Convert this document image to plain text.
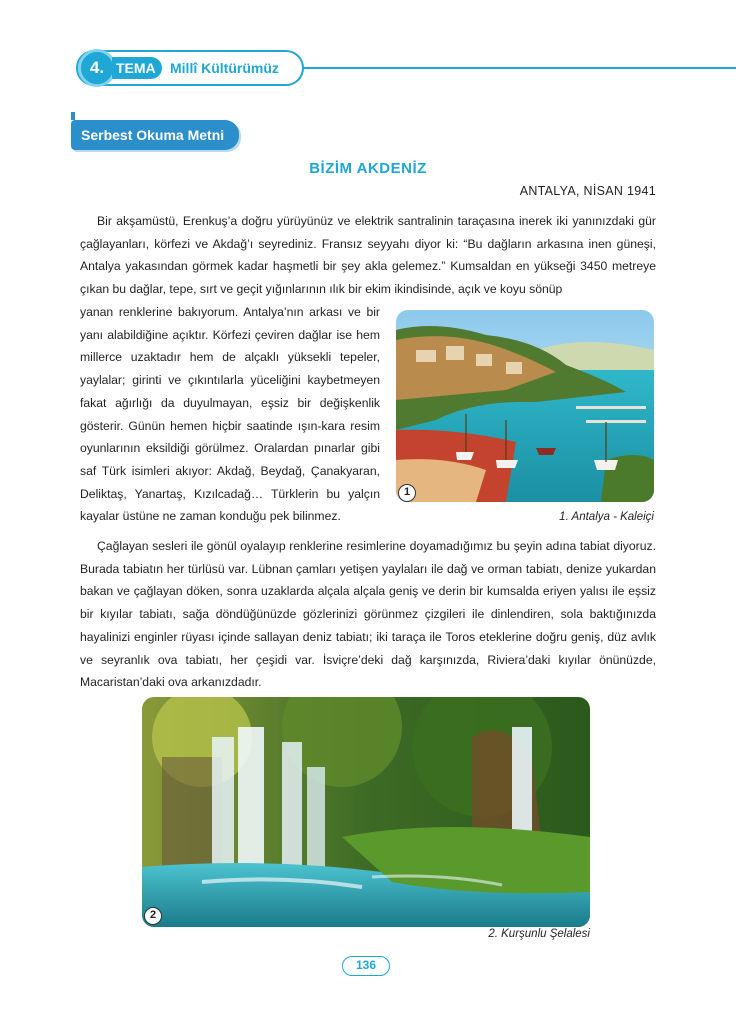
4. TEMA	Millî Kültürümüz
Serbest Okuma Metni
BİZİM AKDENİZ
ANTALYA, NİSAN 1941

Bir akşamüstü, Erenkuş’a doğru yürüyünüz ve elektrik santralinin taraçasına inerek iki yanınızdaki gür çağlayanları, körfezi ve Akdağ’ı seyrediniz. Fransız seyyahı diyor ki: “Bu dağların arkasına inen güneşi, Antalya yakasından görmek kadar haşmetli bir şey akla gelemez.” Kumsaldan en yükseği 3450 metreye çıkan bu dağlar, tepe, sırt ve geçit yığınlarının ılık bir ekim ikindisinde, açık ve koyu sönüp

yanan renklerine bakıyorum. Antalya’nın arkası ve bir yanı alabildiğine açıktır. Körfezi çeviren dağlar ise hem millerce uzaktadır hem de alçaklı yüksekli tepeler, yaylalar; girinti ve çıkıntılarla yüceliğini kaybetmeyen fakat ağırlığı da duyulmayan, eşsiz bir değişkenlik gösterir. Günün hemen hiçbir saatinde ışın-kara resim oyunlarının eksildiği görülmez. Oralardan pınarlar gibi saf Türk isimleri akıyor: Akdağ, Beydağ, Çanakyaran, Deliktaş, Yanartaş, Kızılcadağ… Türklerin bu yalçın kayalar üstüne ne zaman konduğu pek bilinmez.

1
1. Antalya - Kaleiçi

Çağlayan sesleri ile gönül oyalayıp renklerine resimlerine doyamadığımız bu şeyin adına tabiat diyoruz. Burada tabiatın her türlüsü var. Lübnan çamları yetişen yaylaları ile dağ ve orman tabiatı, denize yukardan bakan ve çağlayan döken, sonra uzaklarda alçala alçala geniş ve derin bir kumsalda eriyen yalısı ile eşsiz bir kıyılar tabiatı, sağa döndüğünüzde gözlerinizi görünmez çizgileri ile dinlendiren, sola baktığınızda hayalinizi enginler rüyası içinde sallayan deniz tabiatı; iki taraça ile Toros eteklerine doğru geniş, düz avlık ve seyranlık ova tabiatı, her çeşidi var. İsviçre’deki dağ karşınızda, Riviera’daki kıyılar önünüzde, Macaristan’daki ova arkanızdadır.

2
2. Kurşunlu Şelalesi
136
